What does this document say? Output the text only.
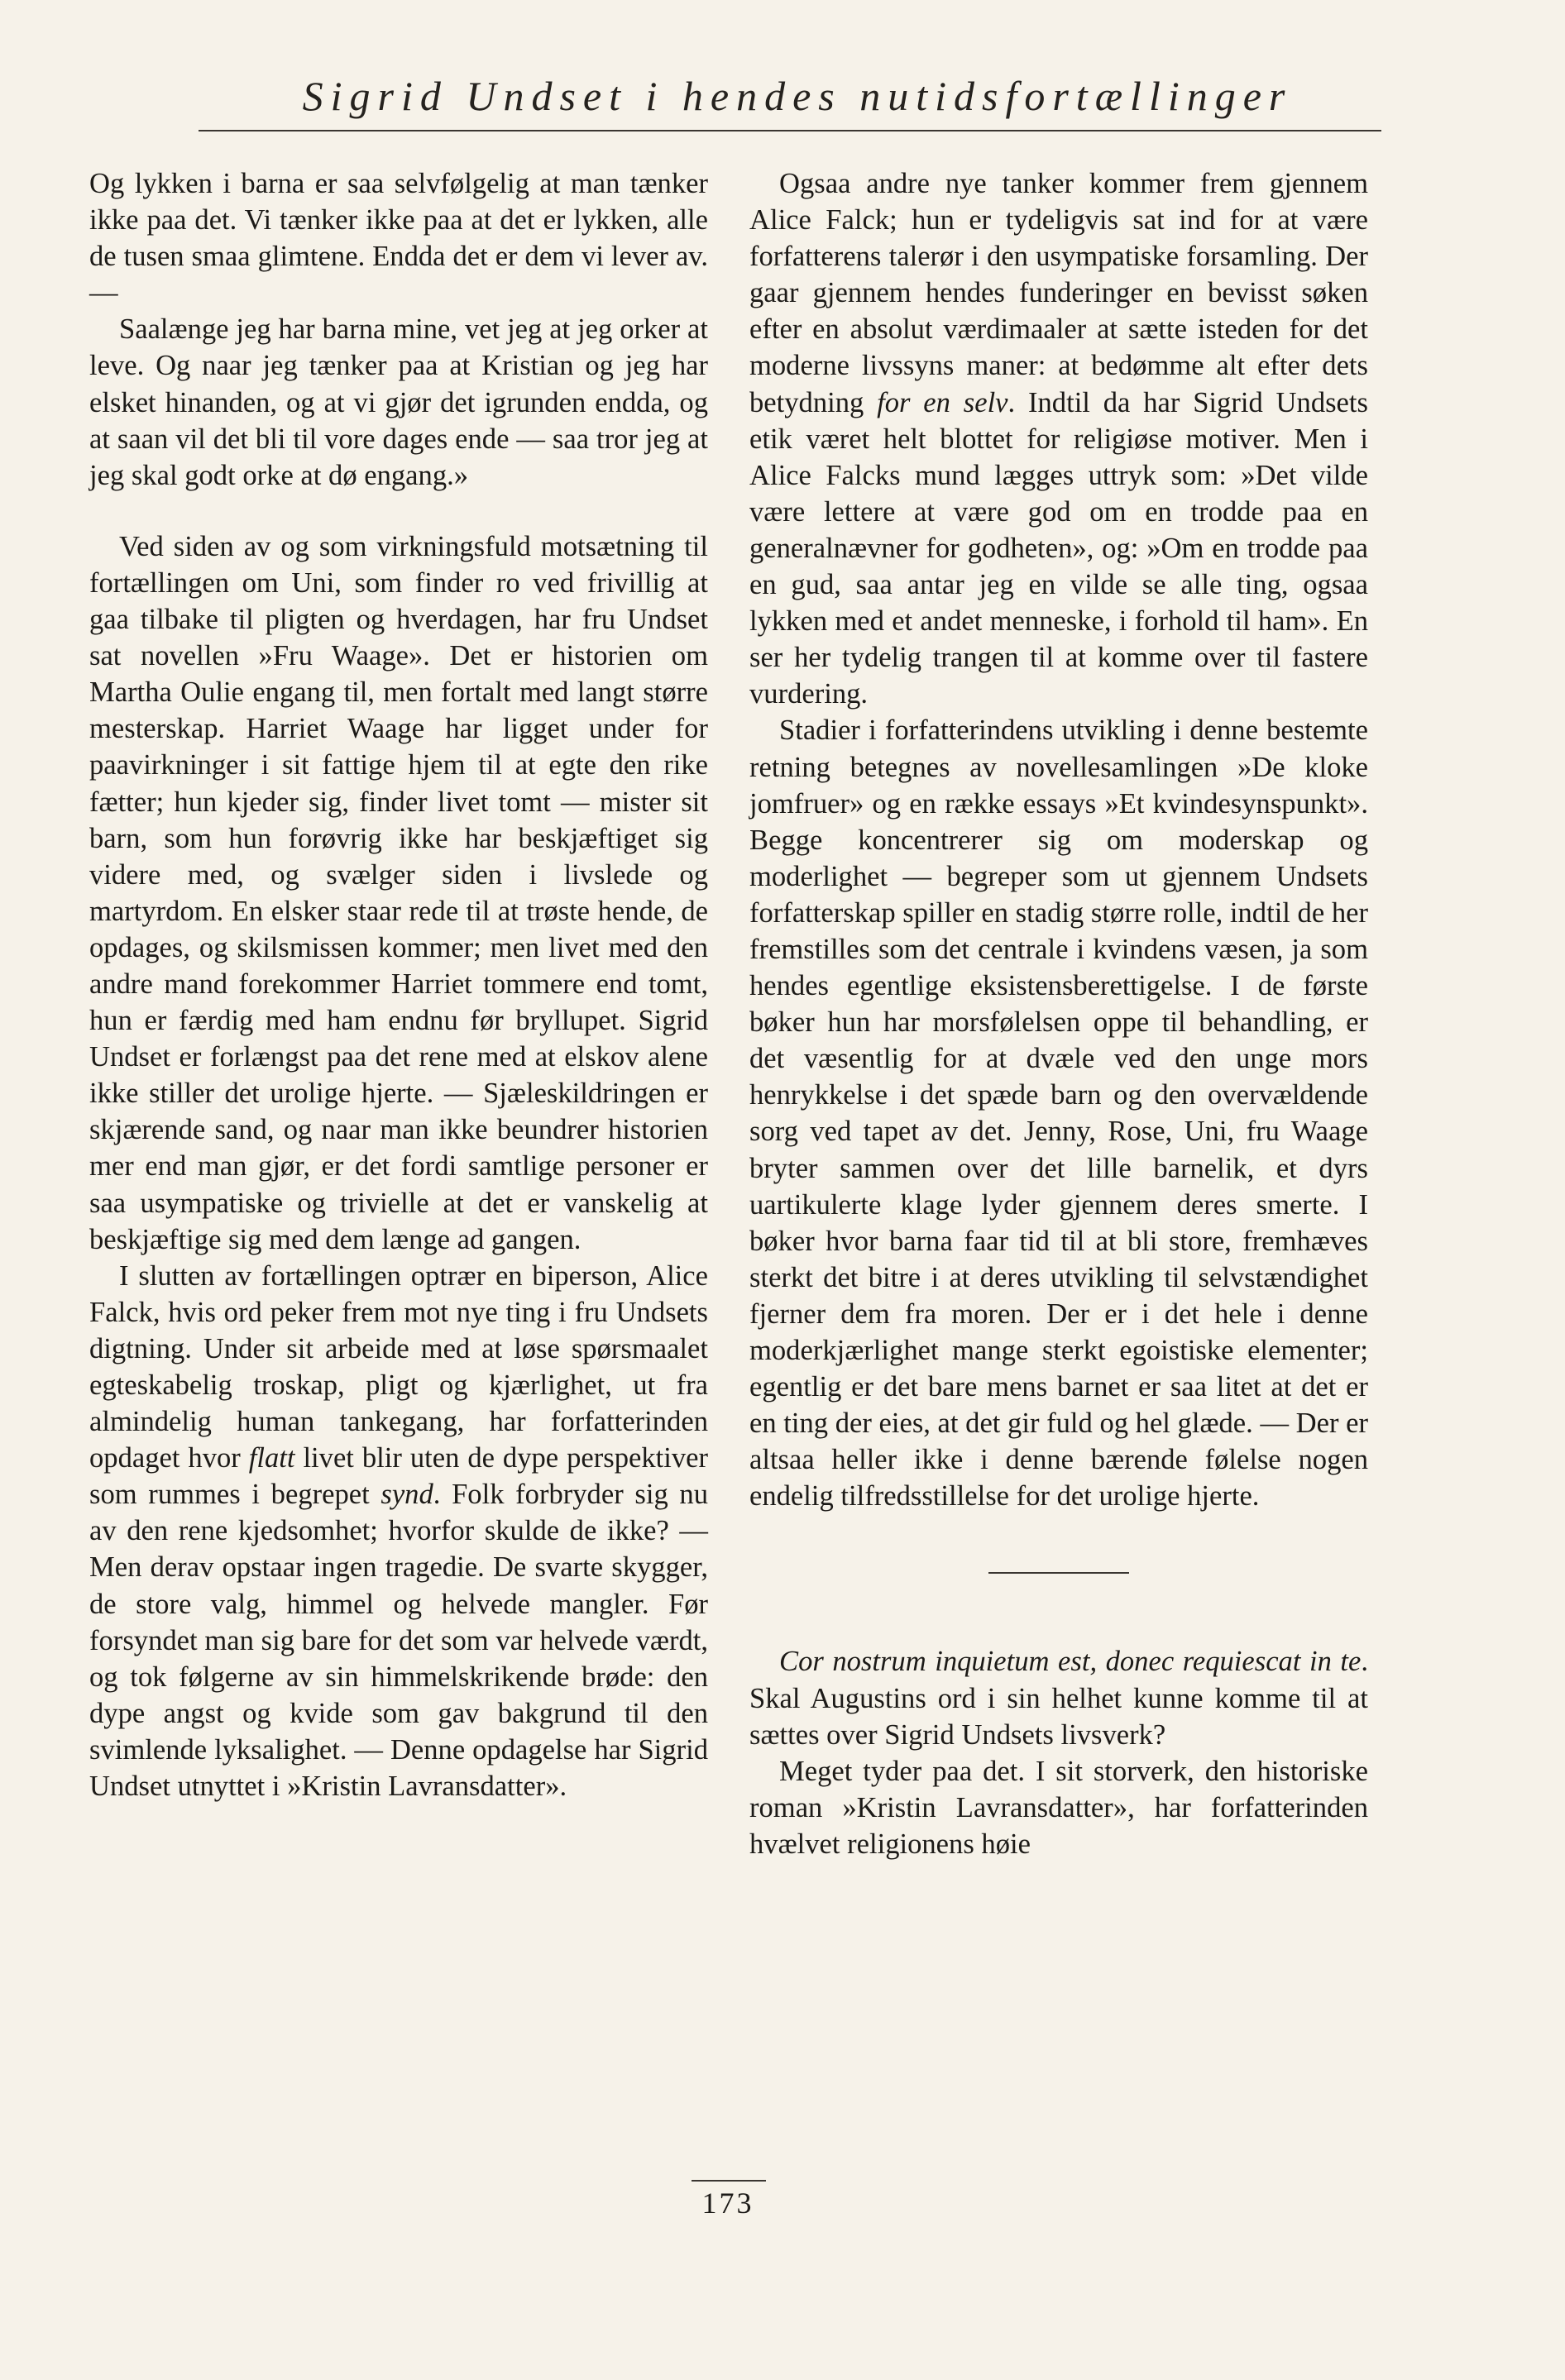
Sigrid Undset i hendes nutidsfortællinger

Og lykken i barna er saa selvfølgelig at man tænker ikke paa det. Vi tænker ikke paa at det er lykken, alle de tusen smaa glimtene. Endda det er dem vi lever av. —

Saalænge jeg har barna mine, vet jeg at jeg orker at leve. Og naar jeg tænker paa at Kristian og jeg har elsket hinanden, og at vi gjør det igrunden endda, og at saan vil det bli til vore dages ende — saa tror jeg at jeg skal godt orke at dø engang.»

Ved siden av og som virkningsfuld motsætning til fortællingen om Uni, som finder ro ved frivillig at gaa tilbake til pligten og hverdagen, har fru Undset sat novellen »Fru Waage». Det er historien om Martha Oulie engang til, men fortalt med langt større mesterskap. Harriet Waage har ligget under for paavirkninger i sit fattige hjem til at egte den rike fætter; hun kjeder sig, finder livet tomt — mister sit barn, som hun forøvrig ikke har beskjæftiget sig videre med, og svælger siden i livslede og martyrdom. En elsker staar rede til at trøste hende, de opdages, og skilsmissen kommer; men livet med den andre mand forekommer Harriet tommere end tomt, hun er færdig med ham endnu før bryllupet. Sigrid Undset er forlængst paa det rene med at elskov alene ikke stiller det urolige hjerte. — Sjæleskildringen er skjærende sand, og naar man ikke beundrer historien mer end man gjør, er det fordi samtlige personer er saa usympatiske og trivielle at det er vanskelig at beskjæftige sig med dem længe ad gangen.

I slutten av fortællingen optrær en biperson, Alice Falck, hvis ord peker frem mot nye ting i fru Undsets digtning. Under sit arbeide med at løse spørsmaalet egteskabelig troskap, pligt og kjærlighet, ut fra almindelig human tankegang, har forfatterinden opdaget hvor flatt livet blir uten de dype perspektiver som rummes i begrepet synd. Folk forbryder sig nu av den rene kjedsomhet; hvorfor skulde de ikke? — Men derav opstaar ingen tragedie. De svarte skygger, de store valg, himmel og helvede mangler. Før forsyndet man sig bare for det som var helvede værdt, og tok følgerne av sin himmelskrikende brøde: den dype angst og kvide som gav bakgrund til den svimlende lyksalighet. — Denne opdagelse har Sigrid Undset utnyttet i »Kristin Lavransdatter».

Ogsaa andre nye tanker kommer frem gjennem Alice Falck; hun er tydeligvis sat ind for at være forfatterens talerør i den usympatiske forsamling. Der gaar gjennem hendes funderinger en bevisst søken efter en absolut værdimaaler at sætte isteden for det moderne livssyns maner: at bedømme alt efter dets betydning for en selv. Indtil da har Sigrid Undsets etik været helt blottet for religiøse motiver. Men i Alice Falcks mund lægges uttryk som: »Det vilde være lettere at være god om en trodde paa en generalnævner for godheten», og: »Om en trodde paa en gud, saa antar jeg en vilde se alle ting, ogsaa lykken med et andet menneske, i forhold til ham». En ser her tydelig trangen til at komme over til fastere vurdering.

Stadier i forfatterindens utvikling i denne bestemte retning betegnes av novellesamlingen »De kloke jomfruer» og en række essays »Et kvindesynspunkt». Begge koncentrerer sig om moderskap og moderlighet — begreper som ut gjennem Undsets forfatterskap spiller en stadig større rolle, indtil de her fremstilles som det centrale i kvindens væsen, ja som hendes egentlige eksistensberettigelse. I de første bøker hun har morsfølelsen oppe til behandling, er det væsentlig for at dvæle ved den unge mors henrykkelse i det spæde barn og den overvældende sorg ved tapet av det. Jenny, Rose, Uni, fru Waage bryter sammen over det lille barnelik, et dyrs uartikulerte klage lyder gjennem deres smerte. I bøker hvor barna faar tid til at bli store, fremhæves sterkt det bitre i at deres utvikling til selvstændighet fjerner dem fra moren. Der er i det hele i denne moderkjærlighet mange sterkt egoistiske elementer; egentlig er det bare mens barnet er saa litet at det er en ting der eies, at det gir fuld og hel glæde. — Der er altsaa heller ikke i denne bærende følelse nogen endelig tilfredsstillelse for det urolige hjerte.

Cor nostrum inquietum est, donec requiescat in te. Skal Augustins ord i sin helhet kunne komme til at sættes over Sigrid Undsets livsverk?

Meget tyder paa det. I sit storverk, den historiske roman »Kristin Lavransdatter», har forfatterinden hvælvet religionens høie

173
